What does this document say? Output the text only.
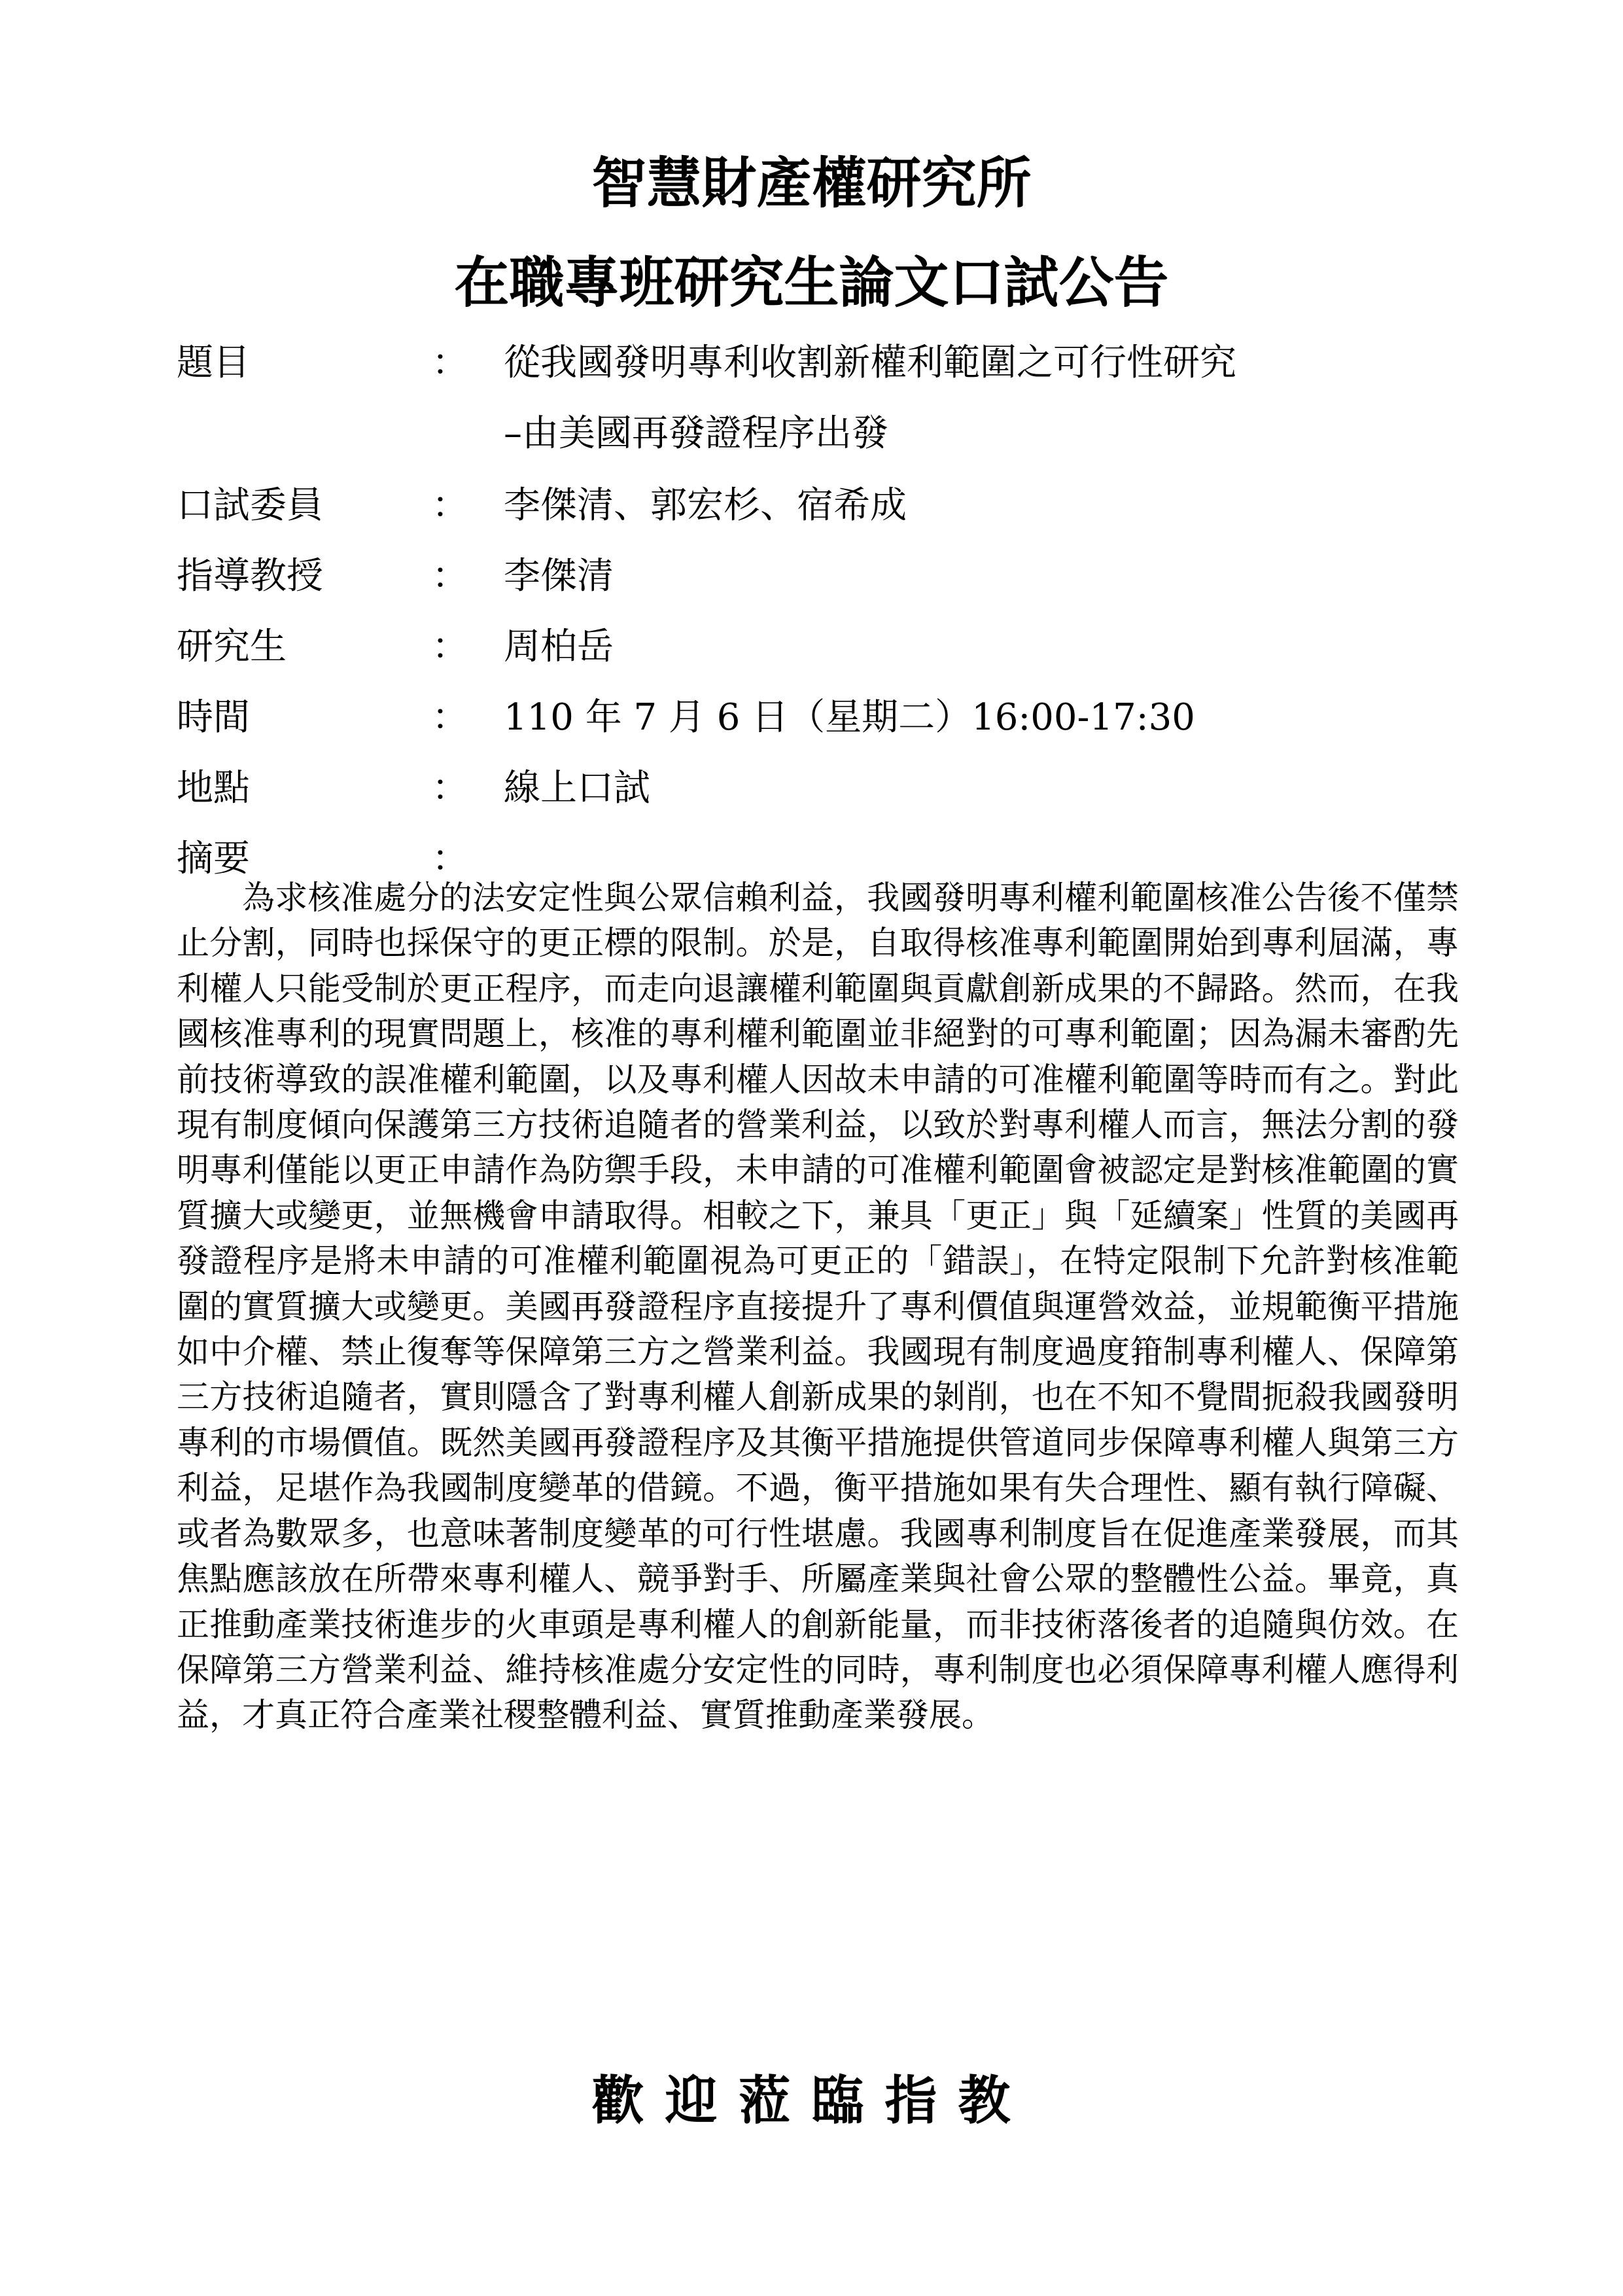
智慧財產權研究所
在職專班研究生論文口試公告
題目	： 從我國發明專利收割新權利範圍之可行性研究
–由美國再發證程序出發
口試委員	： 李傑清、郭宏杉、宿希成
指導教授	： 李傑清
研究生	： 周柏岳
時間	： 110 年 7 月 6 日（星期二）16:00-17:30
地點	： 線上口試
摘要	：

為求核准處分的法安定性與公眾信賴利益，我國發明專利權利範圍核准公告後不僅禁止分割，同時也採保守的更正標的限制。於是，自取得核准專利範圍開始到專利屆滿，專利權人只能受制於更正程序，而走向退讓權利範圍與貢獻創新成果的不歸路。然而，在我國核准專利的現實問題上，核准的專利權利範圍並非絕對的可專利範圍；因為漏未審酌先前技術導致的誤准權利範圍，以及專利權人因故未申請的可准權利範圍等時而有之。對此現有制度傾向保護第三方技術追隨者的營業利益，以致於對專利權人而言，無法分割的發明專利僅能以更正申請作為防禦手段，未申請的可准權利範圍會被認定是對核准範圍的實質擴大或變更，並無機會申請取得。相較之下，兼具「更正」與「延續案」性質的美國再發證程序是將未申請的可准權利範圍視為可更正的「錯誤」，在特定限制下允許對核准範圍的實質擴大或變更。美國再發證程序直接提升了專利價值與運營效益，並規範衡平措施如中介權、禁止復奪等保障第三方之營業利益。我國現有制度過度箝制專利權人、保障第三方技術追隨者，實則隱含了對專利權人創新成果的剝削，也在不知不覺間扼殺我國發明專利的市場價值。既然美國再發證程序及其衡平措施提供管道同步保障專利權人與第三方利益，足堪作為我國制度變革的借鏡。不過，衡平措施如果有失合理性、顯有執行障礙、或者為數眾多，也意味著制度變革的可行性堪慮。我國專利制度旨在促進產業發展，而其焦點應該放在所帶來專利權人、競爭對手、所屬產業與社會公眾的整體性公益。畢竟，真正推動產業技術進步的火車頭是專利權人的創新能量，而非技術落後者的追隨與仿效。在保障第三方營業利益、維持核准處分安定性的同時，專利制度也必須保障專利權人應得利益，才真正符合產業社稷整體利益、實質推動產業發展。

歡迎蒞臨指教
